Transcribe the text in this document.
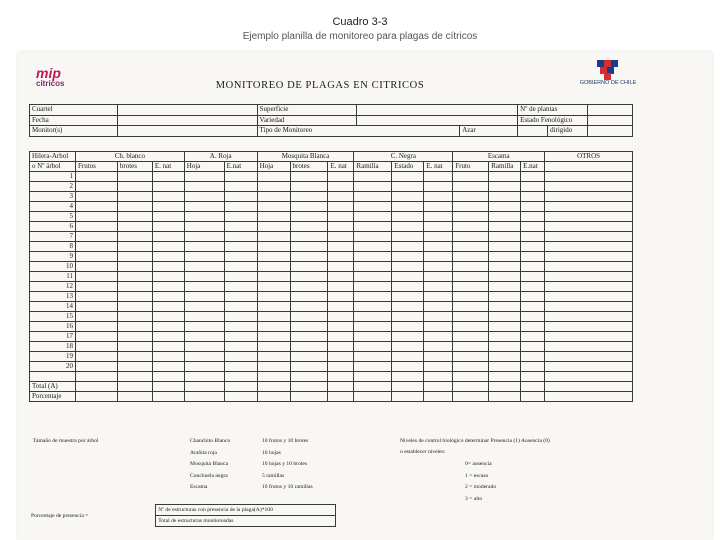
Cuadro 3-3
Ejemplo planilla de monitoreo para plagas de cítricos
mip
citricos	GOBIERNO DE CHILE
MONITOREO DE PLAGAS EN CITRICOS
Cuartel		Superficie			Nº de plantas		
Fecha		Variedad			Estado Fenológico		
Monitor(s)		Tipo de Monitoreo		Azar		dirigido	
Hilera-Arbol	Ch. blanco			A. Roja		Mosquita Blanca			C. Negra			Escama			OTROS
o Nº árbol	Frutos	brotes	E. nat	Hoja	E.nat	Hoja	brotes	E. nat	Ramilla	Estado	E. nat	Fruto	Ramilla	E.nat	
1															
2															
3															
4															
5															
6															
7															
8															
9															
10															
11															
12															
13															
14															
15															
16															
17															
18															
19															
20															

Total (A)															
Porcentaje															
Tamaño de muestra por árbol	Chanchito Blanco	10 frutos y 10 brotes
Arañita roja	10 hojas
Mosquita Blanca	10 hojas y 10 brotes
Conchuela negra	5 ramillas
Escama	10 frutos y 10 ramillas
Niveles de control biológico determinar Presencia (1) Ausencia (0)
o establecer niveles:
0= ausencia
1 = escaso
2 = moderado
3 = alto
Porcentaje de presencia =	Nº de estructuras con presencia de la plaga(A)*100
Total de estructuras monitoreadas
